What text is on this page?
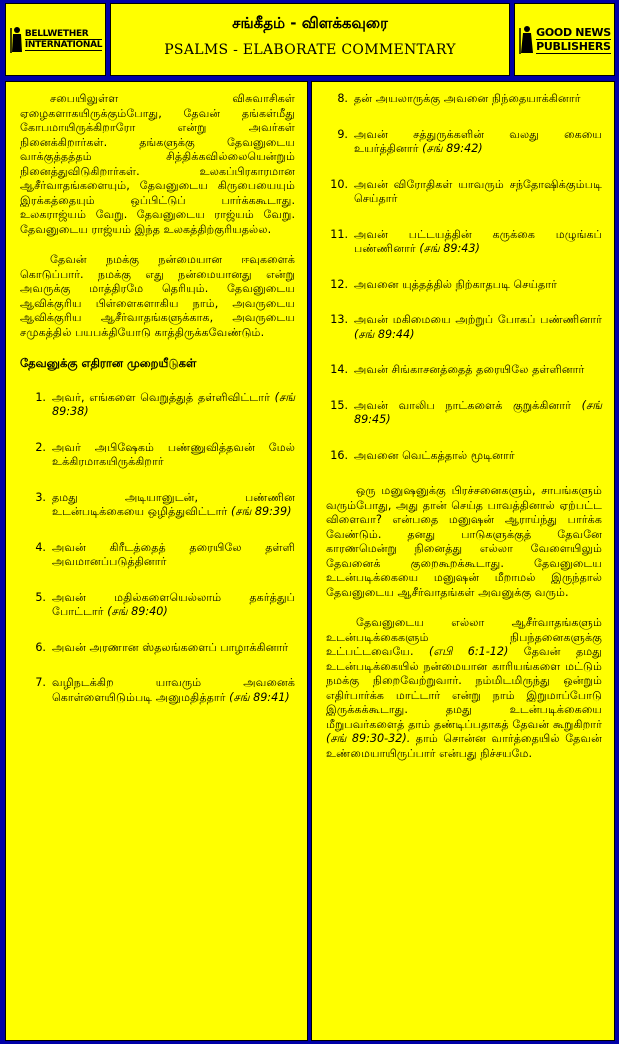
BELLWETHER
INTERNATIONAL
சங்கீதம் - விளக்கவுரை
PSALMS - ELABORATE COMMENTARY
GOOD NEWS
PUBLISHERS

சபையிலுள்ள விசுவாசிகள் ஏழைகளாகயிருக்கும்போது, தேவன் தங்கள்மீது கோபமாயிருக்கிறாரோ என்று அவர்கள் நினைக்கிறார்கள். தங்களுக்கு தேவனுடைய வாக்குத்தத்தம் சித்திக்கவில்லையென்றும் நினைத்துவிடுகிறார்கள். உலகப்பிரகாரமான ஆசீர்வாதங்களையும், தேவனுடைய கிருபையையும் இரக்கத்தையும் ஒப்பிட்டுப் பார்க்ககூடாது. உலகராஜ்யம் வேறு. தேவனுடைய ராஜ்யம் வேறு. தேவனுடைய ராஜ்யம் இந்த உலகத்திற்குரியதல்ல.

தேவன் நமக்கு நன்மையான ஈவுகளைக் கொடுப்பார். நமக்கு எது நன்மையானது என்று அவருக்கு மாத்திரமே தெரியும். தேவனுடைய ஆவிக்குரிய பிள்ளைகளாகிய நாம், அவருடைய ஆவிக்குரிய ஆசீர்வாதங்களுக்காக, அவருடைய சமுகத்தில் பயபக்தியோடு காத்திருக்கவேண்டும்.

தேவனுக்கு எதிரான முறையீடுகள்
1. அவர், எங்களை வெறுத்துத் தள்ளிவிட்டார் (சங் 89:38)
2. அவர் அபிஷேகம் பண்ணுவித்தவன் மேல் உக்கிரமாகயிருக்கிறார்
3. தமது அடியானுடன், பண்ணின உடன்படிக்கையை ஒழித்துவிட்டார் (சங் 89:39)
4. அவன் கிரீடத்தைத் தரையிலே தள்ளி அவமானப்படுத்தினார்
5. அவன் மதில்களையெல்லாம் தகர்த்துப் போட்டார் (சங் 89:40)
6. அவன் அரணான ஸ்தலங்களைப் பாழாக்கினார்
7. வழிநடக்கிற யாவரும் அவனைக் கொள்ளையிடும்படி அனுமதித்தார் (சங் 89:41)
8. தன் அயலாருக்கு அவனை நிந்தையாக்கினார்
9. அவன் சத்துருக்களின் வலது கையை உயர்த்தினார் (சங் 89:42)
10. அவன் விரோதிகள் யாவரும் சந்தோஷிக்கும்படி செய்தார்
11. அவன் பட்டயத்தின் கருக்கை மழுங்கப் பண்ணினார் (சங் 89:43)
12. அவனை யுத்தத்தில் நிற்காதபடி செய்தார்
13. அவன் மகிமையை அற்றுப் போகப் பண்ணினார் (சங் 89:44)
14. அவன் சிங்காசனத்தைத் தரையிலே தள்ளினார்
15. அவன் வாலிப நாட்களைக் குறுக்கினார் (சங் 89:45)
16. அவனை வெட்கத்தால் மூடினார்

ஒரு மனுஷனுக்கு பிரச்சனைகளும், சாபங்களும் வரும்போது, அது தான் செய்த பாவத்தினால் ஏற்பட்ட விளைவா? என்பதை மனுஷன் ஆராய்ந்து பார்க்க வேண்டும். தனது பாடுகளுக்குத் தேவனே காரணமென்று நினைத்து எல்லா வேளையிலும் தேவனைக் குறைகூறக்கூடாது. தேவனுடைய உடன்படிக்கையை மனுஷன் மீறாமல் இருந்தால் தேவனுடைய ஆசீர்வாதங்கள் அவனுக்கு வரும்.

தேவனுடைய எல்லா ஆசீர்வாதங்களும் உடன்படிக்கைகளும் நிபந்தனைகளுக்கு உட்பட்டவையே. (எபி 6:1-12) தேவன் தமது உடன்படிக்கையில் நன்மையான காரியங்களை மட்டும் நமக்கு நிறைவேற்றுவார். நம்மிடமிருந்து ஒன்றும் எதிர்பார்க்க மாட்டார் என்று நாம் இறுமாப்போடு இருக்கக்கூடாது. தமது உடன்படிக்கையை மீறுபவர்களைத் தாம் தண்டிப்பதாகத் தேவன் கூறுகிறார் (சங் 89:30-32). தாம் சொன்ன வார்த்தையில் தேவன் உண்மையாயிருப்பார் என்பது நிச்சயமே.
